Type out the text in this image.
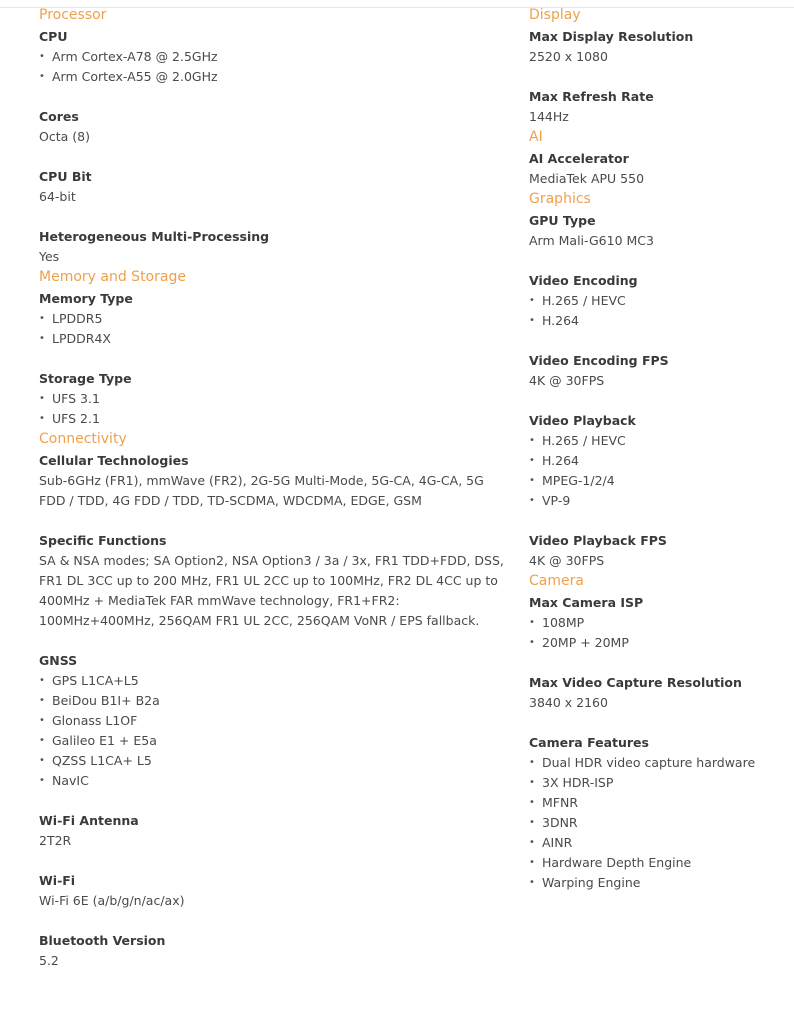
Processor
CPU
• Arm Cortex-A78 @ 2.5GHz
• Arm Cortex-A55 @ 2.0GHz
Cores
Octa (8)
CPU Bit
64-bit
Heterogeneous Multi-Processing
Yes
Memory and Storage
Memory Type
• LPDDR5
• LPDDR4X
Storage Type
• UFS 3.1
• UFS 2.1
Connectivity
Cellular Technologies
Sub-6GHz (FR1), mmWave (FR2), 2G-5G Multi-Mode, 5G-CA, 4G-CA, 5G FDD / TDD, 4G FDD / TDD, TD-SCDMA, WDCDMA, EDGE, GSM
Specific Functions
SA & NSA modes; SA Option2, NSA Option3 / 3a / 3x, FR1 TDD+FDD, DSS, FR1 DL 3CC up to 200 MHz, FR1 UL 2CC up to 100MHz, FR2 DL 4CC up to 400MHz + MediaTek FAR mmWave technology, FR1+FR2: 100MHz+400MHz, 256QAM FR1 UL 2CC, 256QAM VoNR / EPS fallback.
GNSS
• GPS L1CA+L5
• BeiDou B1I+ B2a
• Glonass L1OF
• Galileo E1 + E5a
• QZSS L1CA+ L5
• NavIC
Wi-Fi Antenna
2T2R
Wi-Fi
Wi-Fi 6E (a/b/g/n/ac/ax)
Bluetooth Version
5.2
Display
Max Display Resolution
2520 x 1080
Max Refresh Rate
144Hz
AI
AI Accelerator
MediaTek APU 550
Graphics
GPU Type
Arm Mali-G610 MC3
Video Encoding
• H.265 / HEVC
• H.264
Video Encoding FPS
4K @ 30FPS
Video Playback
• H.265 / HEVC
• H.264
• MPEG-1/2/4
• VP-9
Video Playback FPS
4K @ 30FPS
Camera
Max Camera ISP
• 108MP
• 20MP + 20MP
Max Video Capture Resolution
3840 x 2160
Camera Features
• Dual HDR video capture hardware
• 3X HDR-ISP
• MFNR
• 3DNR
• AINR
• Hardware Depth Engine
• Warping Engine
